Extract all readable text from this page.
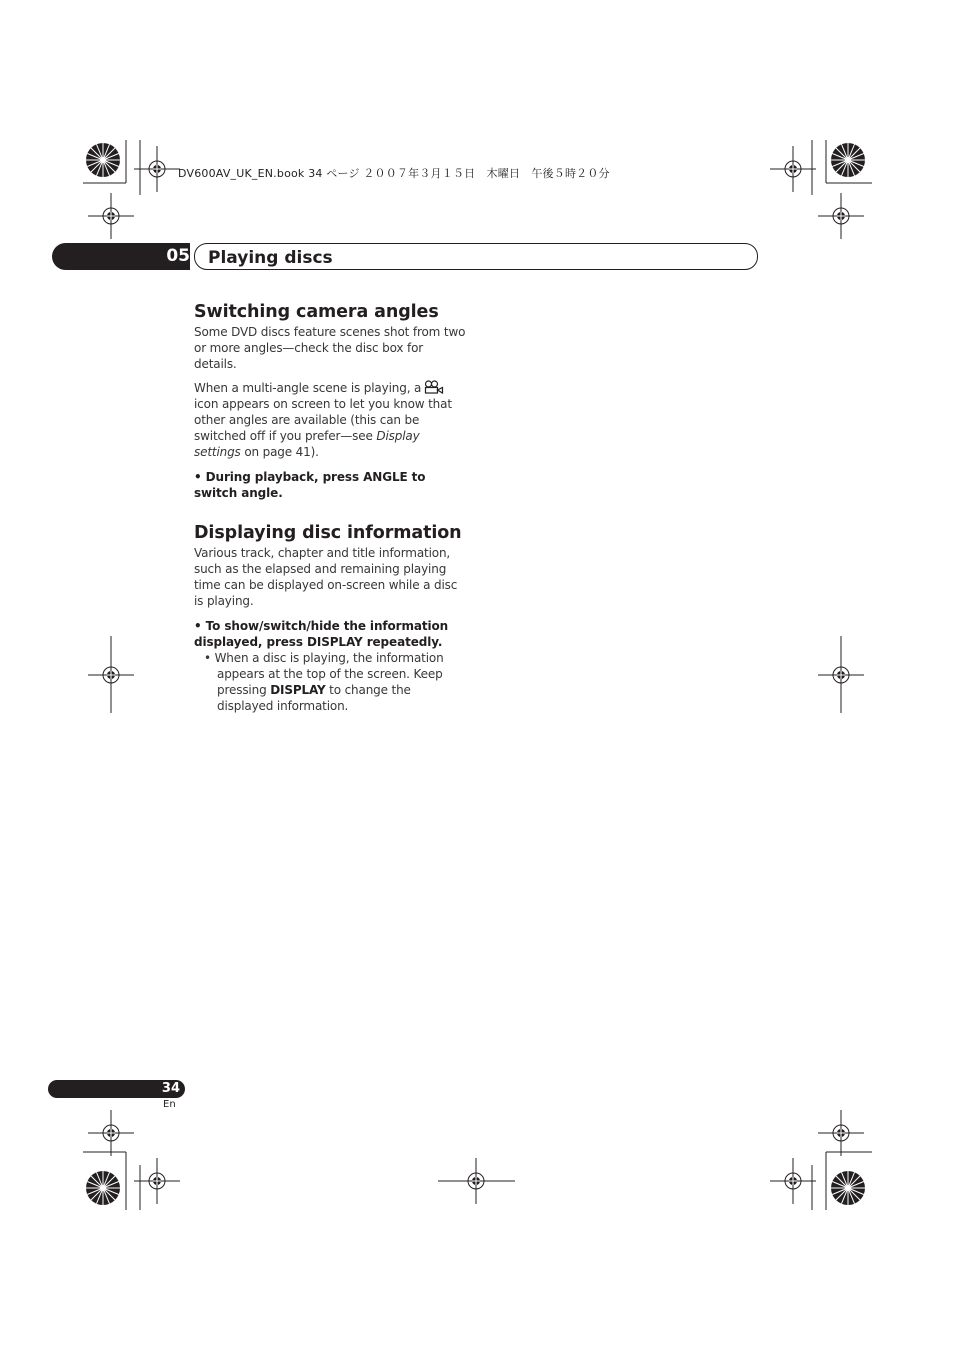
DV600AV_UK_EN.book 34 ページ ２００７年３月１５日　木曜日　午後５時２０分
05 Playing discs
Switching camera angles

Some DVD discs feature scenes shot from two or more angles—check the disc box for details.

When a multi-angle scene is playing, a icon appears on screen to let you know that other angles are available (this can be switched off if you prefer—see Display settings on page 41).

• During playback, press ANGLE to switch angle.

Displaying disc information

Various track, chapter and title information, such as the elapsed and remaining playing time can be displayed on-screen while a disc is playing.

• To show/switch/hide the information displayed, press DISPLAY repeatedly.

• When a disc is playing, the information appears at the top of the screen. Keep pressing DISPLAY to change the displayed information.

34
En
